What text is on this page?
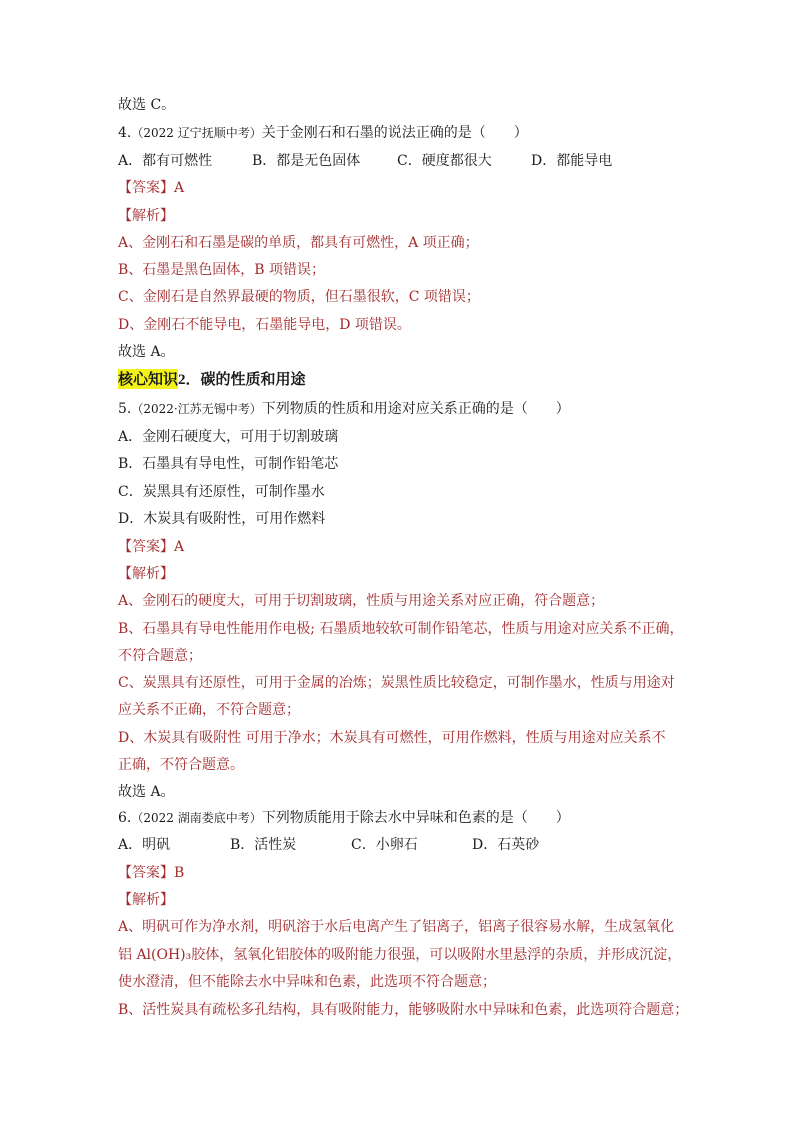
故选 C。
4.（2022 辽宁抚顺中考）关于金刚石和石墨的说法正确的是（　　）
A．都有可燃性	B．都是无色固体	C．硬度都很大	D．都能导电
【答案】A
【解析】
A、金刚石和石墨是碳的单质，都具有可燃性，A 项正确；
B、石墨是黑色固体，B 项错误；
C、金刚石是自然界最硬的物质，但石墨很软，C 项错误；
D、金刚石不能导电，石墨能导电，D 项错误。
故选 A。
核心知识2．碳的性质和用途
5.（2022·江苏无锡中考）下列物质的性质和用途对应关系正确的是（　　）
A．金刚石硬度大，可用于切割玻璃
B．石墨具有导电性，可制作铅笔芯
C．炭黑具有还原性，可制作墨水
D．木炭具有吸附性，可用作燃料
【答案】A
【解析】
A、金刚石的硬度大，可用于切割玻璃，性质与用途关系对应正确，符合题意；
B、石墨具有导电性能用作电极; 石墨质地较软可制作铅笔芯，性质与用途对应关系不正确，
不符合题意；
C、炭黑具有还原性，可用于金属的冶炼；炭黑性质比较稳定，可制作墨水，性质与用途对
应关系不正确，不符合题意；
D、木炭具有吸附性 可用于净水；木炭具有可燃性，可用作燃料，性质与用途对应关系不
正确，不符合题意。
故选 A。
6.（2022 湖南娄底中考）下列物质能用于除去水中异味和色素的是（　　）
A．明矾	B．活性炭	C．小卵石	D．石英砂
【答案】B
【解析】
A、明矾可作为净水剂，明矾溶于水后电离产生了铝离子，铝离子很容易水解，生成氢氧化
铝 Al(OH)₃胶体，氢氧化铝胶体的吸附能力很强，可以吸附水里悬浮的杂质，并形成沉淀，
使水澄清，但不能除去水中异味和色素，此选项不符合题意；
B、活性炭具有疏松多孔结构，具有吸附能力，能够吸附水中异味和色素，此选项符合题意；
